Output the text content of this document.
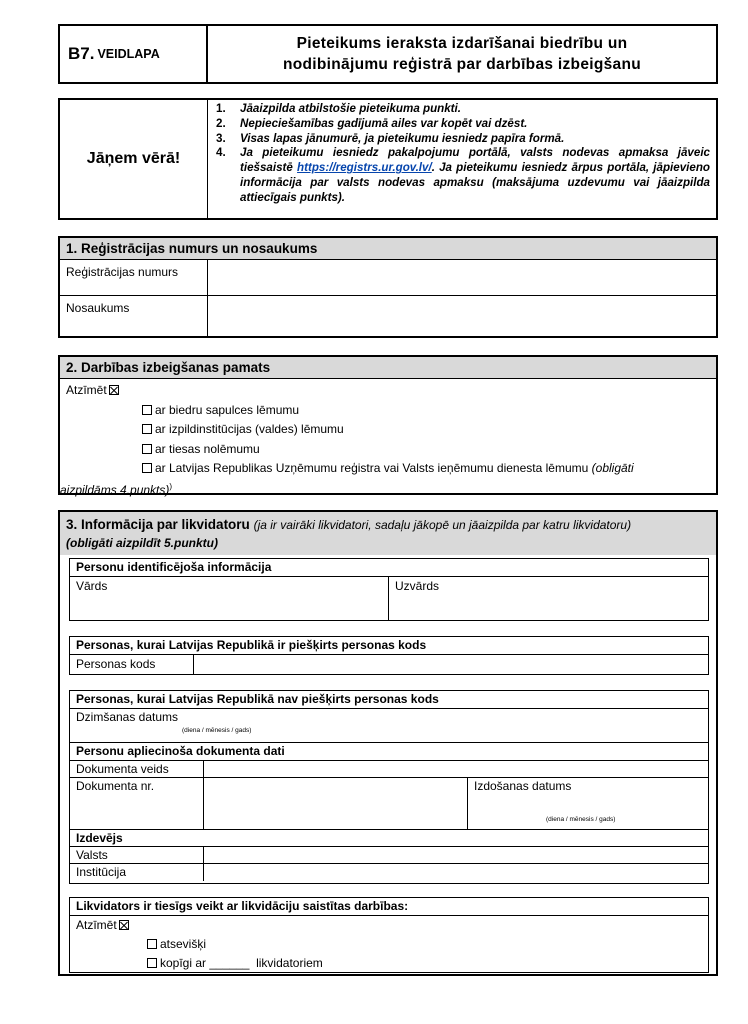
B7. VEIDLAPA
Pieteikums ieraksta izdarīšanai biedrību un
nodibinājumu reģistrā par darbības izbeigšanu
Jāņem vērā!
1.	Jāaizpilda atbilstošie pieteikuma punkti.
2.	Nepieciešamības gadījumā ailes var kopēt vai dzēst.
3.	Visas lapas jānumurē, ja pieteikumu iesniedz papīra formā.
4.	Ja pieteikumu iesniedz pakalpojumu portālā, valsts nodevas apmaksa jāveic tiešsaistē https://registrs.ur.gov.lv/. Ja pieteikumu iesniedz ārpus portāla, jāpievieno informācija par valsts nodevas apmaksu (maksājuma uzdevumu vai jāaizpilda attiecīgais punkts).
1. Reģistrācijas numurs un nosaukums
Reģistrācijas numurs
Nosaukums
2. Darbības izbeigšanas pamats
Atzīmēt
ar biedru sapulces lēmumu
ar izpildinstitūcijas (valdes) lēmumu
ar tiesas nolēmumu
ar Latvijas Republikas Uzņēmumu reģistra vai Valsts ieņēmumu dienesta lēmumu (obligāti
aizpildāms 4.punkts))
3. Informācija par likvidatoru (ja ir vairāki likvidatori, sadaļu jākopē un jāaizpilda par katru likvidatoru)
(obligāti aizpildīt 5.punktu)
Personu identificējoša informācija
Vārds	Uzvārds
Personas, kurai Latvijas Republikā ir piešķirts personas kods
Personas kods
Personas, kurai Latvijas Republikā nav piešķirts personas kods
Dzimšanas datums
(diena / mēnesis / gads)
Personu apliecinoša dokumenta dati
Dokumenta veids
Dokumenta nr.	Izdošanas datums
(diena / mēnesis / gads)
Izdevējs
Valsts
Institūcija
Likvidators ir tiesīgs veikt ar likvidāciju saistītas darbības:
Atzīmēt
atsevišķi
kopīgi ar ______ likvidatoriem
